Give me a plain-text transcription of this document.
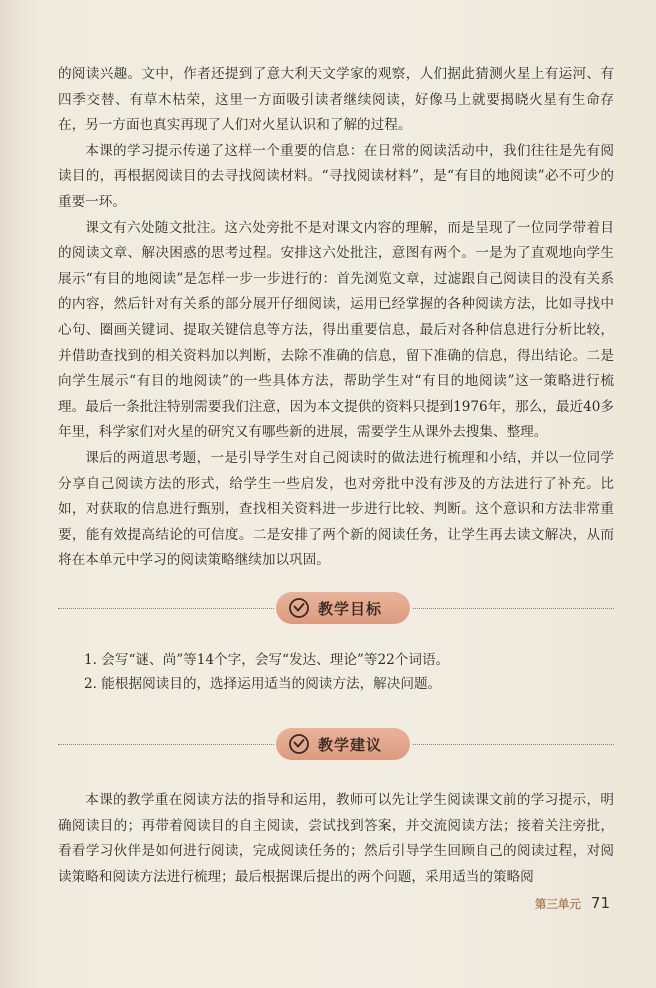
的阅读兴趣。文中，作者还提到了意大利天文学家的观察，人们据此猜测火星上有运河、有四季交替、有草木枯荣，这里一方面吸引读者继续阅读，好像马上就要揭晓火星有生命存在，另一方面也真实再现了人们对火星认识和了解的过程。

本课的学习提示传递了这样一个重要的信息：在日常的阅读活动中，我们往往是先有阅读目的，再根据阅读目的去寻找阅读材料。“寻找阅读材料”，是“有目的地阅读”必不可少的重要一环。

课文有六处随文批注。这六处旁批不是对课文内容的理解，而是呈现了一位同学带着目的阅读文章、解决困惑的思考过程。安排这六处批注，意图有两个。一是为了直观地向学生展示“有目的地阅读”是怎样一步一步进行的：首先浏览文章，过滤跟自己阅读目的没有关系的内容，然后针对有关系的部分展开仔细阅读，运用已经掌握的各种阅读方法，比如寻找中心句、圈画关键词、提取关键信息等方法，得出重要信息，最后对各种信息进行分析比较，并借助查找到的相关资料加以判断，去除不准确的信息，留下准确的信息，得出结论。二是向学生展示“有目的地阅读”的一些具体方法，帮助学生对“有目的地阅读”这一策略进行梳理。最后一条批注特别需要我们注意，因为本文提供的资料只提到1976年，那么，最近40多年里，科学家们对火星的研究又有哪些新的进展，需要学生从课外去搜集、整理。

课后的两道思考题，一是引导学生对自己阅读时的做法进行梳理和小结，并以一位同学分享自己阅读方法的形式，给学生一些启发，也对旁批中没有涉及的方法进行了补充。比如，对获取的信息进行甄别，查找相关资料进一步进行比较、判断。这个意识和方法非常重要，能有效提高结论的可信度。二是安排了两个新的阅读任务，让学生再去读文解决，从而将在本单元中学习的阅读策略继续加以巩固。

教学目标
1. 会写“谜、尚”等14个字，会写“发达、理论”等22个词语。
2. 能根据阅读目的，选择运用适当的阅读方法，解决问题。
教学建议

本课的教学重在阅读方法的指导和运用，教师可以先让学生阅读课文前的学习提示，明确阅读目的；再带着阅读目的自主阅读，尝试找到答案，并交流阅读方法；接着关注旁批，看看学习伙伴是如何进行阅读，完成阅读任务的；然后引导学生回顾自己的阅读过程，对阅读策略和阅读方法进行梳理；最后根据课后提出的两个问题，采用适当的策略阅

第三单元 71
